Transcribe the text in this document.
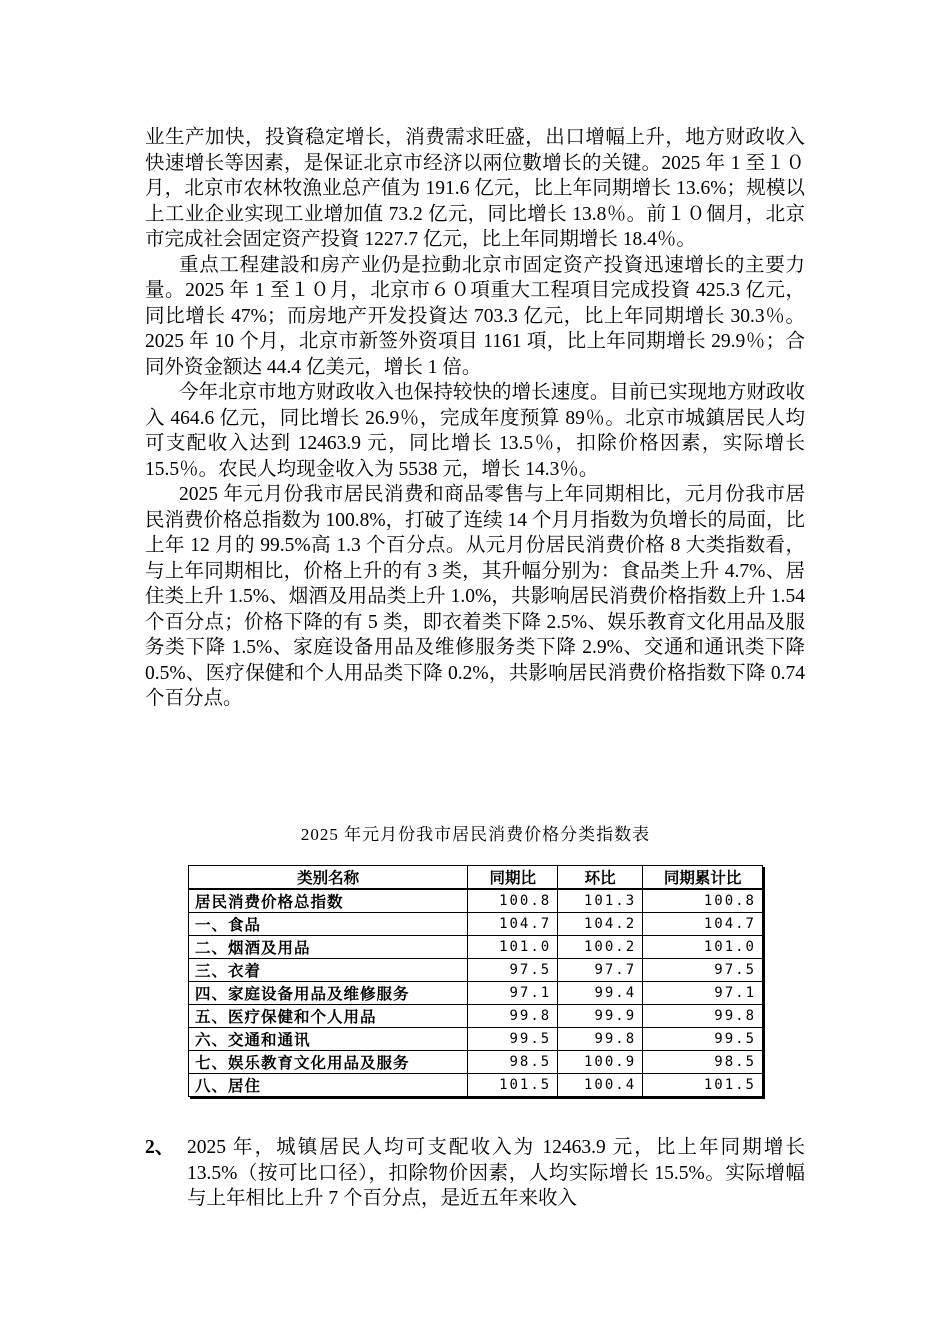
业生产加快，投資稳定增长，消费需求旺盛，出口增幅上升，地方财政收入快速增长等因素，是保证北京市经济以兩位數增长的关键。2025 年 1 至１０月，北京市农林牧漁业总产值为 191.6 亿元，比上年同期增长 13.6%；规模以上工业企业实现工业增加值 73.2 亿元，同比增长 13.8％。前１０個月，北京市完成社会固定资产投資 1227.7 亿元，比上年同期增长 18.4％。

重点工程建設和房产业仍是拉動北京市固定资产投資迅速增长的主要力量。2025 年 1 至１０月，北京市６０項重大工程項目完成投資 425.3 亿元，同比增长 47%；而房地产开发投資达 703.3 亿元，比上年同期增长 30.3％。2025 年 10 个月，北京市新签外资項目 1161 項，比上年同期增长 29.9％；合同外资金额达 44.4 亿美元，增长 1 倍。

今年北京市地方财政收入也保持较快的增长速度。目前已实现地方财政收入 464.6 亿元，同比增长 26.9％，完成年度预算 89％。北京市城鎮居民人均可支配收入达到 12463.9 元，同比增长 13.5％，扣除价格因素，实际增长 15.5％。农民人均现金收入为 5538 元，增长 14.3％。

2025 年元月份我市居民消费和商品零售与上年同期相比，元月份我市居民消费价格总指数为 100.8%，打破了连续 14 个月月指数为负增长的局面，比上年 12 月的 99.5%高 1.3 个百分点。从元月份居民消费价格 8 大类指数看，与上年同期相比，价格上升的有 3 类，其升幅分别为：食品类上升 4.7%、居住类上升 1.5%、烟酒及用品类上升 1.0%，共影响居民消费价格指数上升 1.54 个百分点；价格下降的有 5 类，即衣着类下降 2.5%、娱乐教育文化用品及服务类下降 1.5%、家庭设备用品及维修服务类下降 2.9%、交通和通讯类下降 0.5%、医疗保健和个人用品类下降 0.2%，共影响居民消费价格指数下降 0.74 个百分点。

2025 年元月份我市居民消费价格分类指数表
类别名称	同期比	环比	同期累计比
居民消费价格总指数	100.8	101.3	100.8
一、食品	104.7	104.2	104.7
二、烟酒及用品	101.0	100.2	101.0
三、衣着	97.5	97.7	97.5
四、家庭设备用品及维修服务	97.1	99.4	97.1
五、医疗保健和个人用品	99.8	99.9	99.8
六、交通和通讯	99.5	99.8	99.5
七、娱乐教育文化用品及服务	98.5	100.9	98.5
八、居住	101.5	100.4	101.5
2、 2025 年，城镇居民人均可支配收入为 12463.9 元，比上年同期增长 13.5%（按可比口径），扣除物价因素，人均实际增长 15.5%。实际增幅与上年相比上升 7 个百分点，是近五年来收入
